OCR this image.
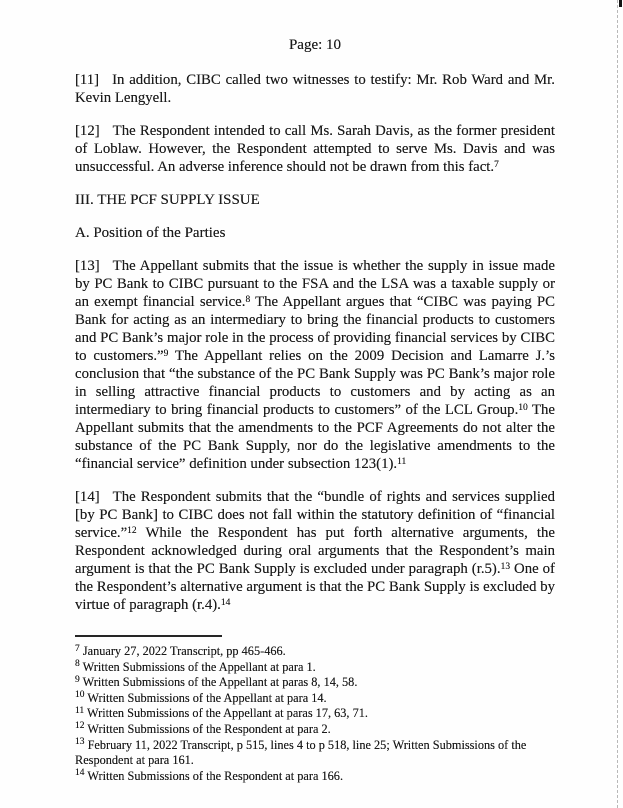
Page: 10

[11] In addition, CIBC called two witnesses to testify: Mr. Rob Ward and Mr. Kevin Lengyell.

[12] The Respondent intended to call Ms. Sarah Davis, as the former president of Loblaw. However, the Respondent attempted to serve Ms. Davis and was unsuccessful. An adverse inference should not be drawn from this fact.$^7$

III. THE PCF SUPPLY ISSUE
A. Position of the Parties

[13] The Appellant submits that the issue is whether the supply in issue made by PC Bank to CIBC pursuant to the FSA and the LSA was a taxable supply or an exempt financial service.$^8$ The Appellant argues that “CIBC was paying PC Bank for acting as an intermediary to bring the financial products to customers and PC Bank’s major role in the process of providing financial services by CIBC to customers.”$^9$ The Appellant relies on the 2009 Decision and Lamarre J.’s conclusion that “the substance of the PC Bank Supply was PC Bank’s major role in selling attractive financial products to customers and by acting as an intermediary to bring financial products to customers” of the LCL Group.$^{10}$ The Appellant submits that the amendments to the PCF Agreements do not alter the substance of the PC Bank Supply, nor do the legislative amendments to the “financial service” definition under subsection 123(1).$^{11}$

[14] The Respondent submits that the “bundle of rights and services supplied [by PC Bank] to CIBC does not fall within the statutory definition of “financial service.”$^{12}$ While the Respondent has put forth alternative arguments, the Respondent acknowledged during oral arguments that the Respondent’s main argument is that the PC Bank Supply is excluded under paragraph (r.5).$^{13}$ One of the Respondent’s alternative argument is that the PC Bank Supply is excluded by virtue of paragraph (r.4).$^{14}$

$^7$ January 27, 2022 Transcript, pp 465-466.

$^8$ Written Submissions of the Appellant at para 1.

$^9$ Written Submissions of the Appellant at paras 8, 14, 58.

$^{10}$ Written Submissions of the Appellant at para 14.

$^{11}$ Written Submissions of the Appellant at paras 17, 63, 71.

$^{12}$ Written Submissions of the Respondent at para 2.

$^{13}$ February 11, 2022 Transcript, p 515, lines 4 to p 518, line 25; Written Submissions of the Respondent at para 161.

$^{14}$ Written Submissions of the Respondent at para 166.
